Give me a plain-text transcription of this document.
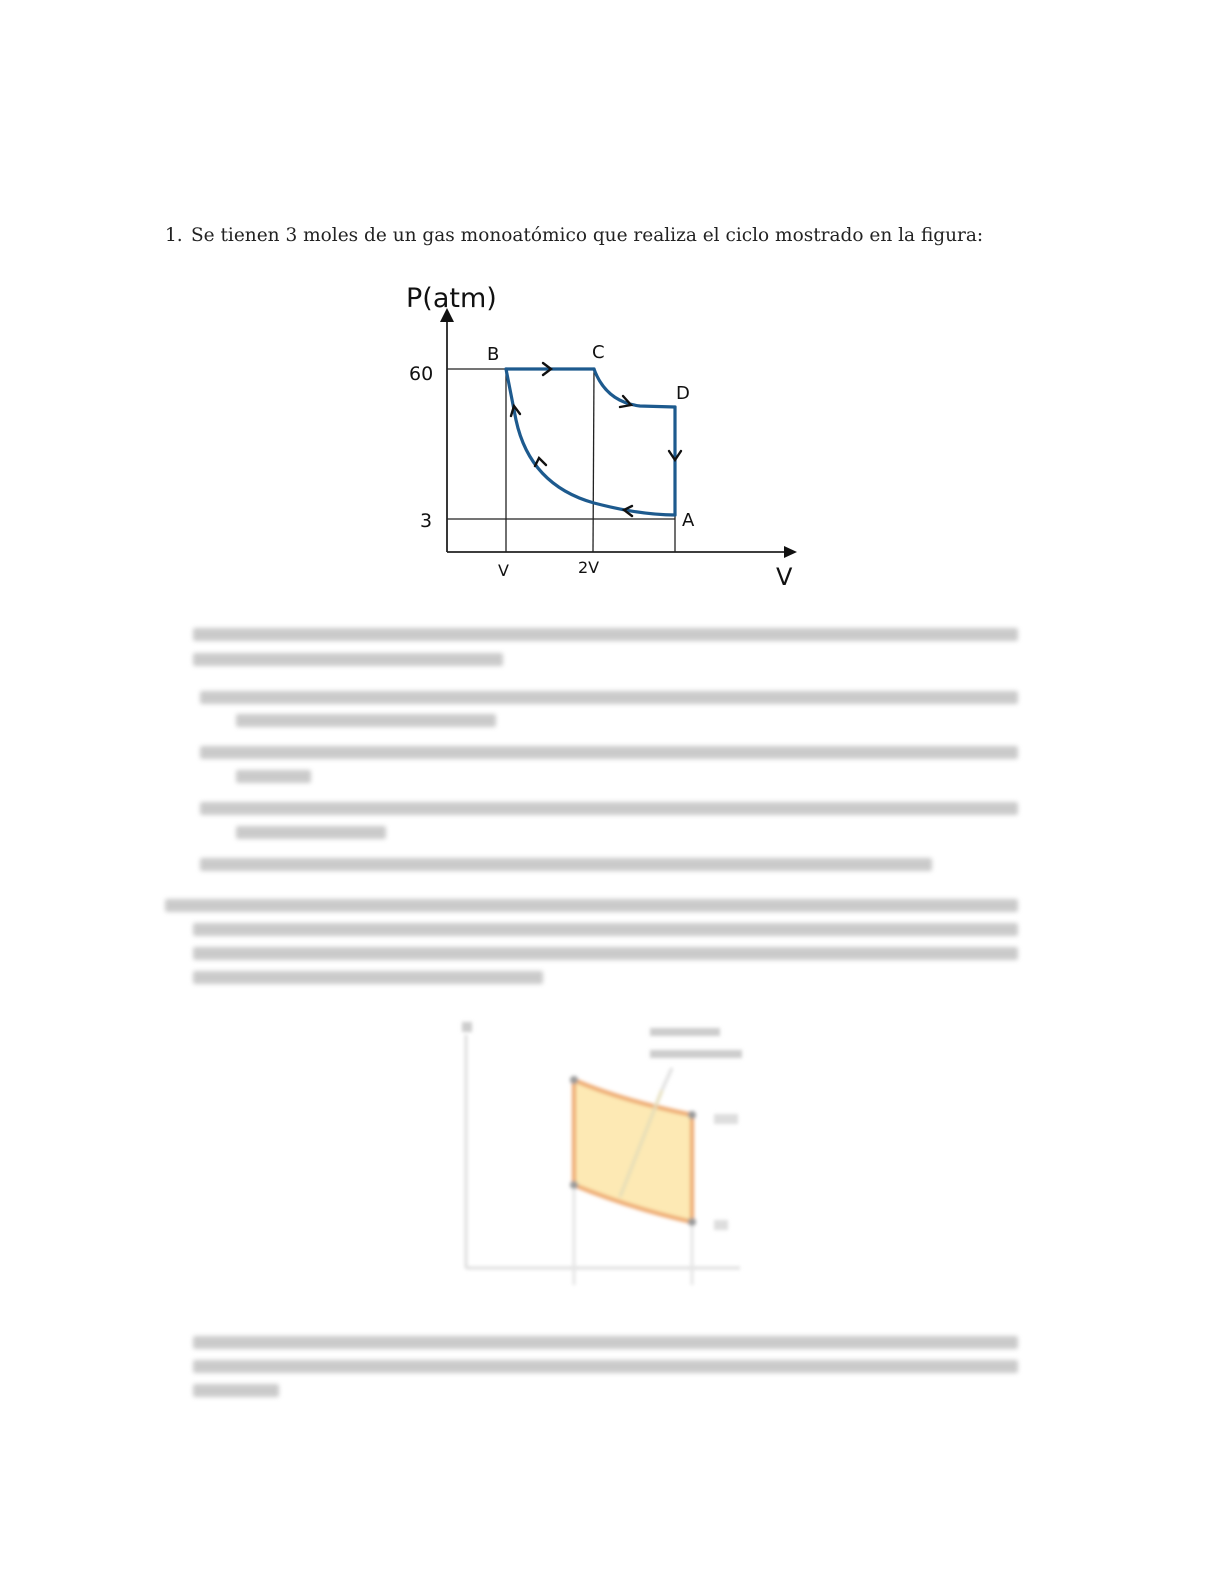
1. Se tienen 3 moles de un gas monoatómico que realiza el ciclo mostrado en la figura:
P(atm)
V
60
3
V	2V
B	C
D
A
